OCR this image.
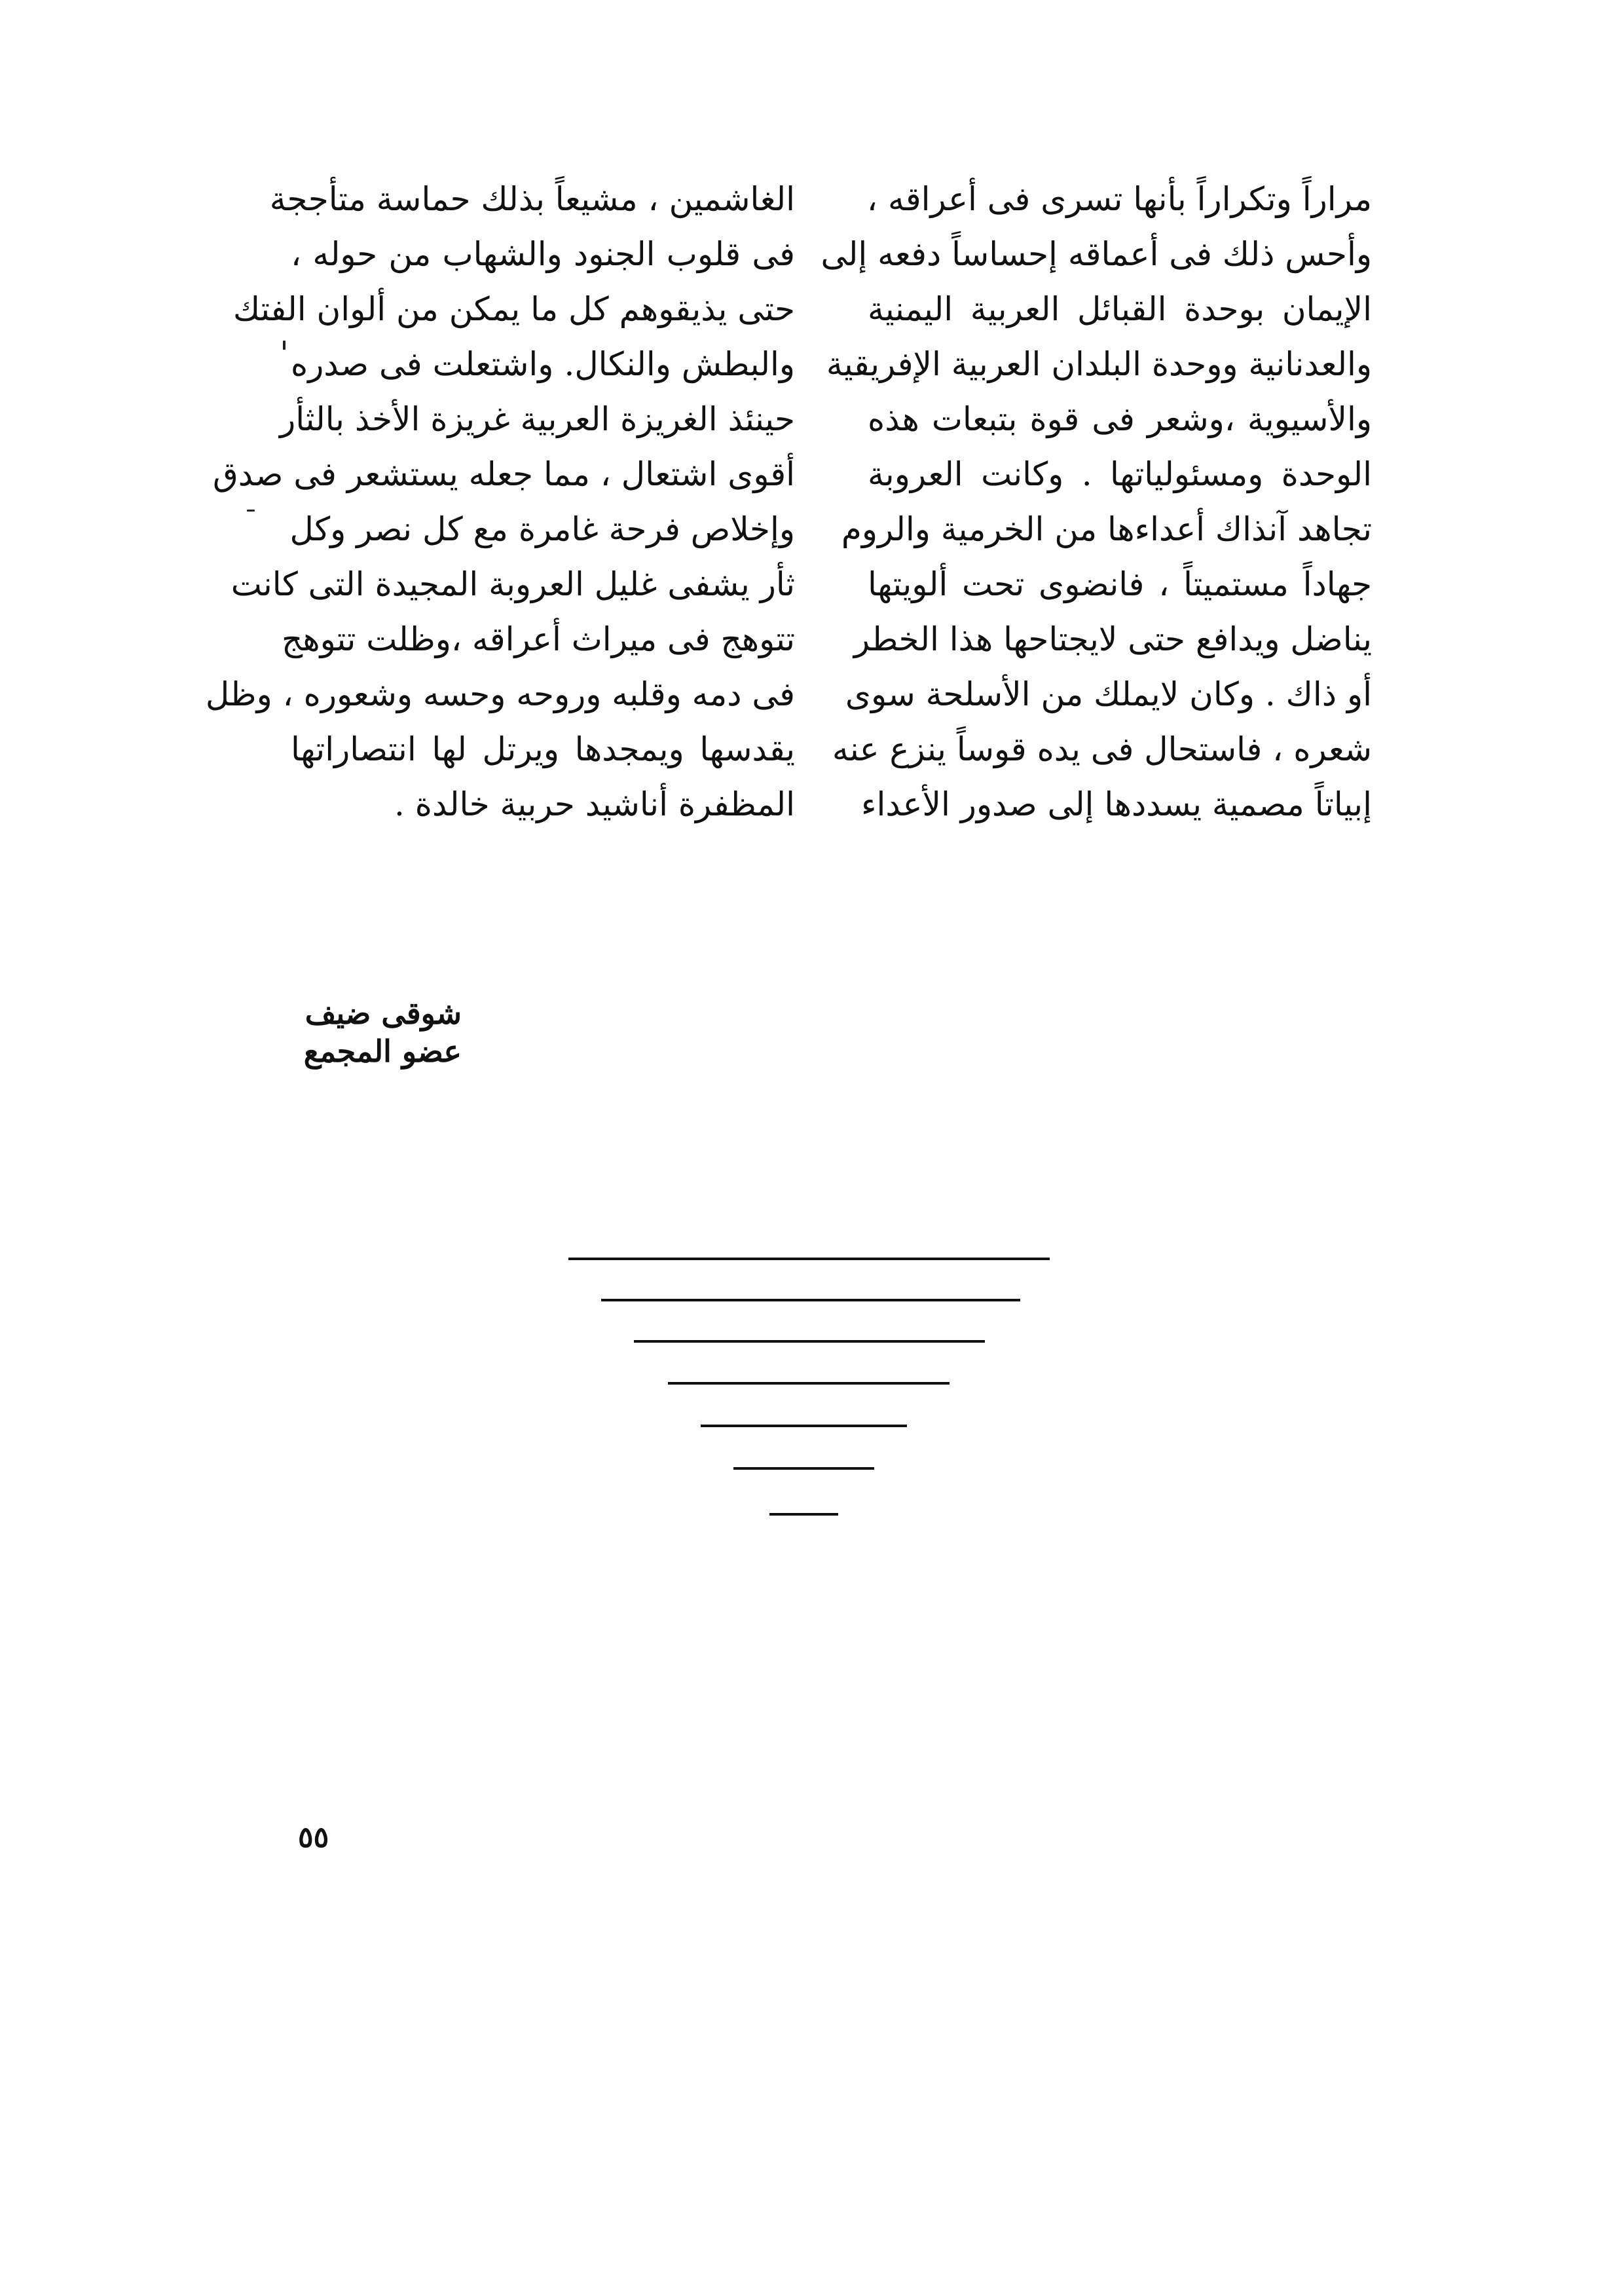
مراراً وتكراراً بأنها تسرى فى أعراقه ،
وأحس ذلك فى أعماقه إحساساً دفعه إلى
الإيمان بوحدة القبائل العربية اليمنية
والعدنانية ووحدة البلدان العربية الإفريقية
والأسيوية ،وشعر فى قوة بتبعات هذه
الوحدة ومسئولياتها . وكانت العروبة
تجاهد آنذاك أعداءها من الخرمية والروم
جهاداً مستميتاً ، فانضوى تحت ألويتها
يناضل ويدافع حتى لايجتاحها هذا الخطر
أو ذاك . وكان لايملك من الأسلحة سوى
شعره ، فاستحال فى يده قوساً ينزع عنه
إبياتاً مصمية يسددها إلى صدور الأعداء
الغاشمين ، مشيعاً بذلك حماسة متأججة
فى قلوب الجنود والشهاب من حوله ،
حتى يذيقوهم كل ما يمكن من ألوان الفتك
والبطش والنكال. واشتعلت فى صدره
حينئذ الغريزة العربية غريزة الأخذ بالثأر
أقوى اشتعال ، مما جعله يستشعر فى صدق
وإخلاص فرحة غامرة مع كل نصر وكل
ثأر يشفى غليل العروبة المجيدة التى كانت
تتوهج فى ميراث أعراقه ،وظلت تتوهج
فى دمه وقلبه وروحه وحسه وشعوره ، وظل
يقدسها ويمجدها ويرتل لها انتصاراتها
المظفرة أناشيد حربية خالدة .
شوقى ضيف
عضو المجمع
٥٥
